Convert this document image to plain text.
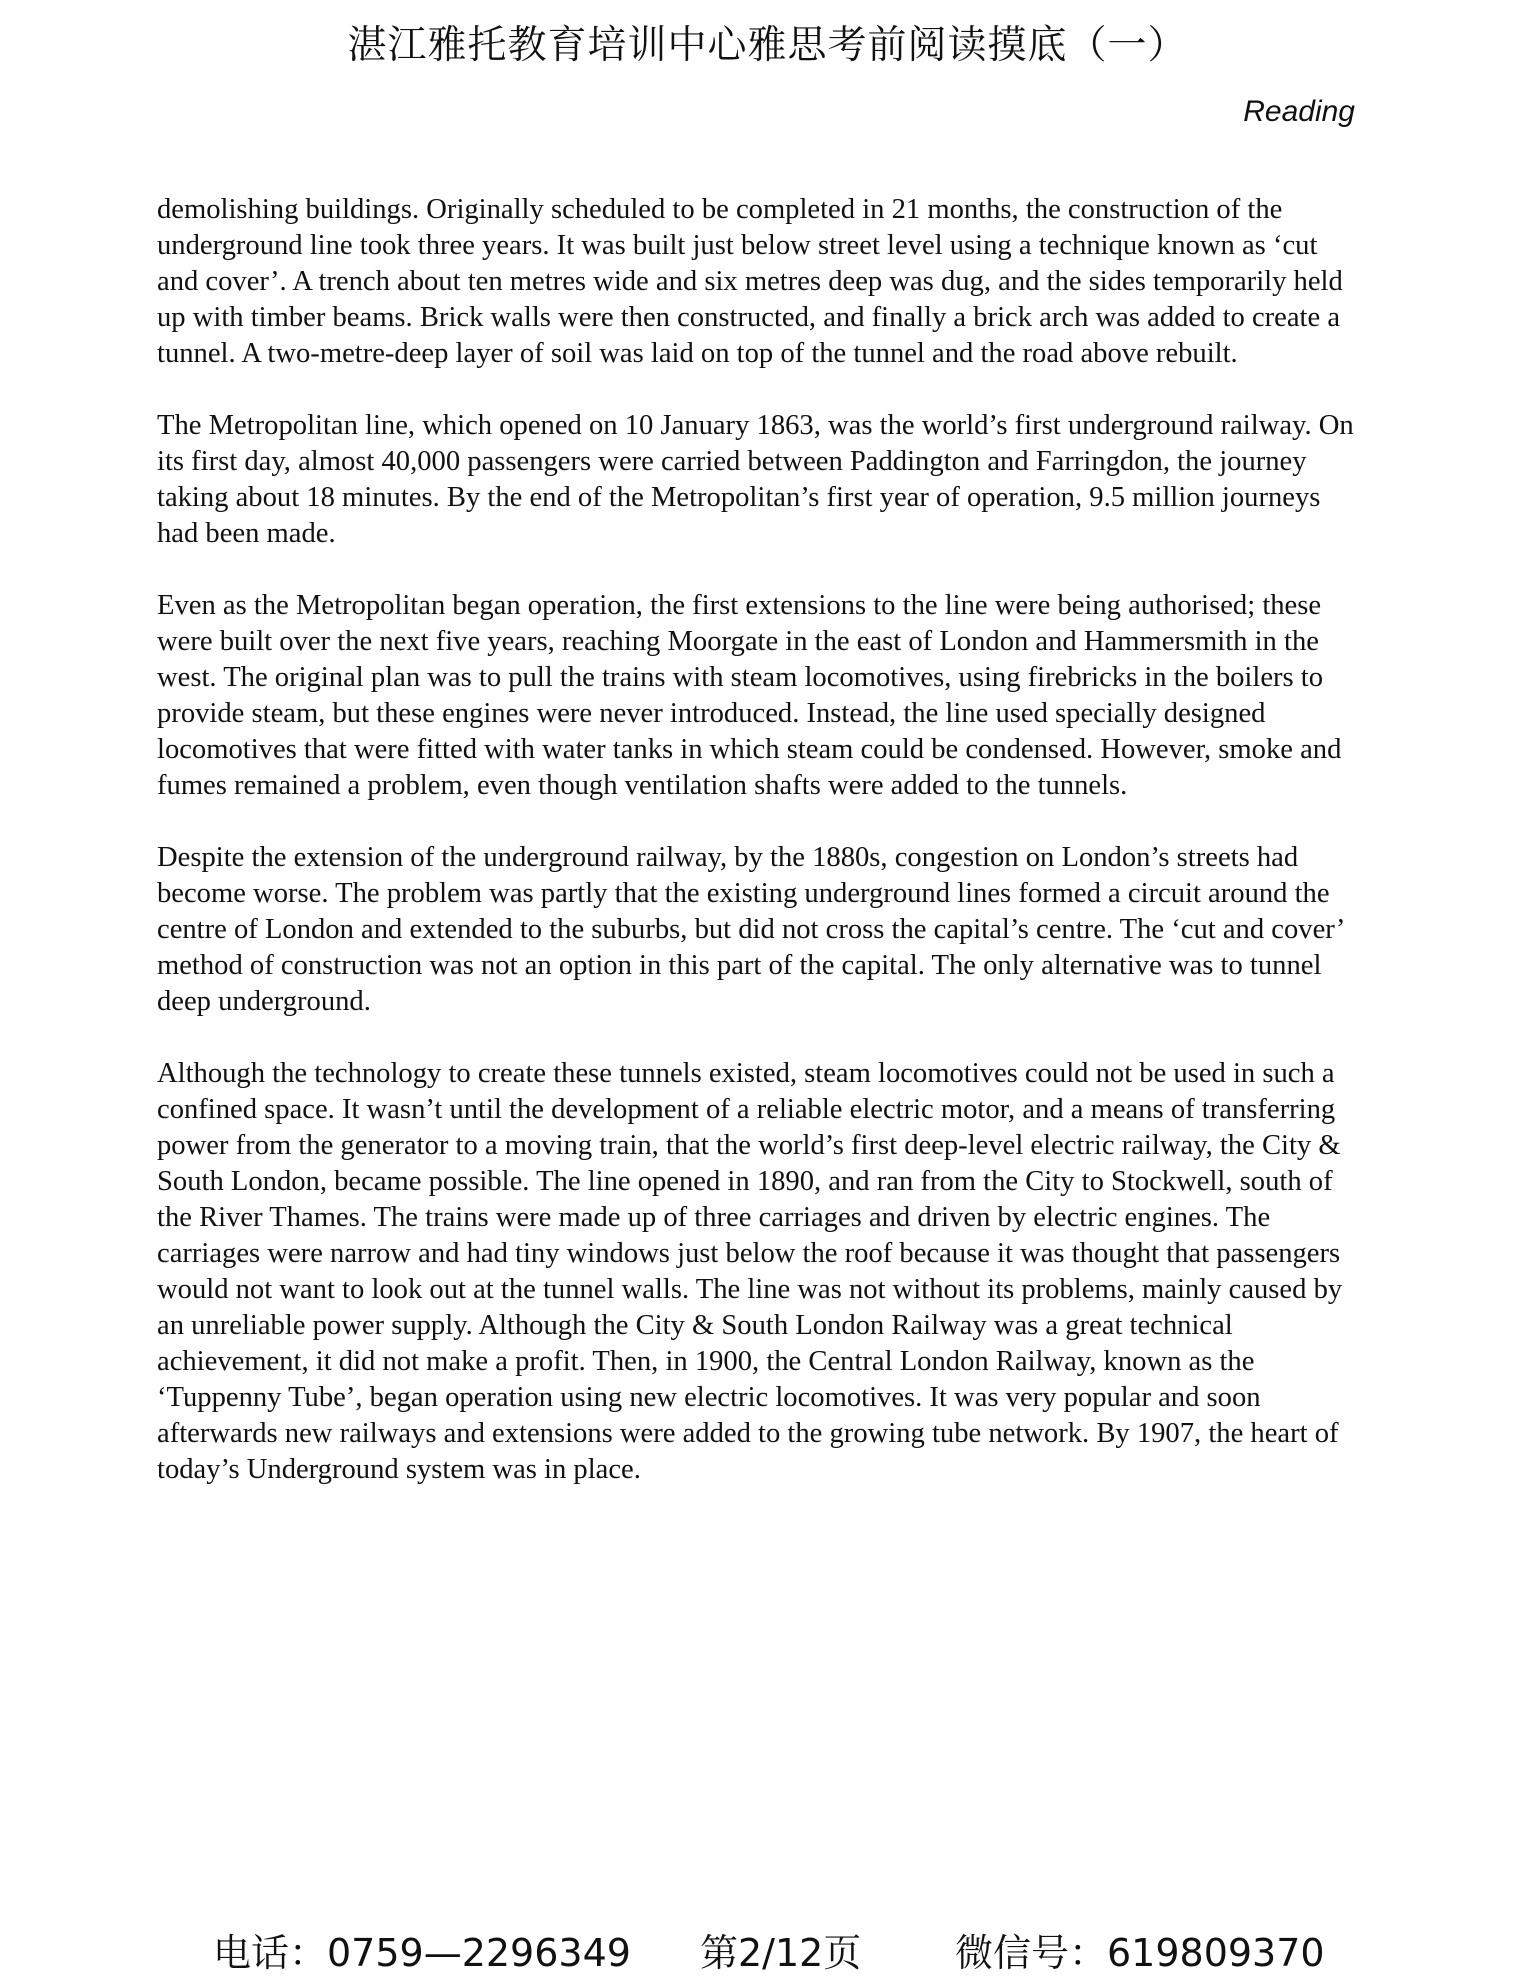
湛江雅托教育培训中心雅思考前阅读摸底（一）
Reading

demolishing buildings. Originally scheduled to be completed in 21 months, the construction of the underground line took three years. It was built just below street level using a technique known as ‘cut and cover’. A trench about ten metres wide and six metres deep was dug, and the sides temporarily held up with timber beams. Brick walls were then constructed, and finally a brick arch was added to create a tunnel. A two-metre-deep layer of soil was laid on top of the tunnel and the road above rebuilt.

The Metropolitan line, which opened on 10 January 1863, was the world’s first underground railway. On its first day, almost 40,000 passengers were carried between Paddington and Farringdon, the journey taking about 18 minutes. By the end of the Metropolitan’s first year of operation, 9.5 million journeys had been made.

Even as the Metropolitan began operation, the first extensions to the line were being authorised; these were built over the next five years, reaching Moorgate in the east of London and Hammersmith in the west. The original plan was to pull the trains with steam locomotives, using firebricks in the boilers to provide steam, but these engines were never introduced. Instead, the line used specially designed locomotives that were fitted with water tanks in which steam could be condensed. However, smoke and fumes remained a problem, even though ventilation shafts were added to the tunnels.

Despite the extension of the underground railway, by the 1880s, congestion on London’s streets had become worse. The problem was partly that the existing underground lines formed a circuit around the centre of London and extended to the suburbs, but did not cross the capital’s centre. The ‘cut and cover’ method of construction was not an option in this part of the capital. The only alternative was to tunnel deep underground.

Although the technology to create these tunnels existed, steam locomotives could not be used in such a confined space. It wasn’t until the development of a reliable electric motor, and a means of transferring power from the generator to a moving train, that the world’s first deep-level electric railway, the City & South London, became possible. The line opened in 1890, and ran from the City to Stockwell, south of the River Thames. The trains were made up of three carriages and driven by electric engines. The carriages were narrow and had tiny windows just below the roof because it was thought that passengers would not want to look out at the tunnel walls. The line was not without its problems, mainly caused by an unreliable power supply. Although the City & South London Railway was a great technical achievement, it did not make a profit. Then, in 1900, the Central London Railway, known as the ‘Tuppenny Tube’, began operation using new electric locomotives. It was very popular and soon afterwards new railways and extensions were added to the growing tube network. By 1907, the heart of today’s Underground system was in place.

电话：0759—2296349 第2/12页 微信号：619809370
